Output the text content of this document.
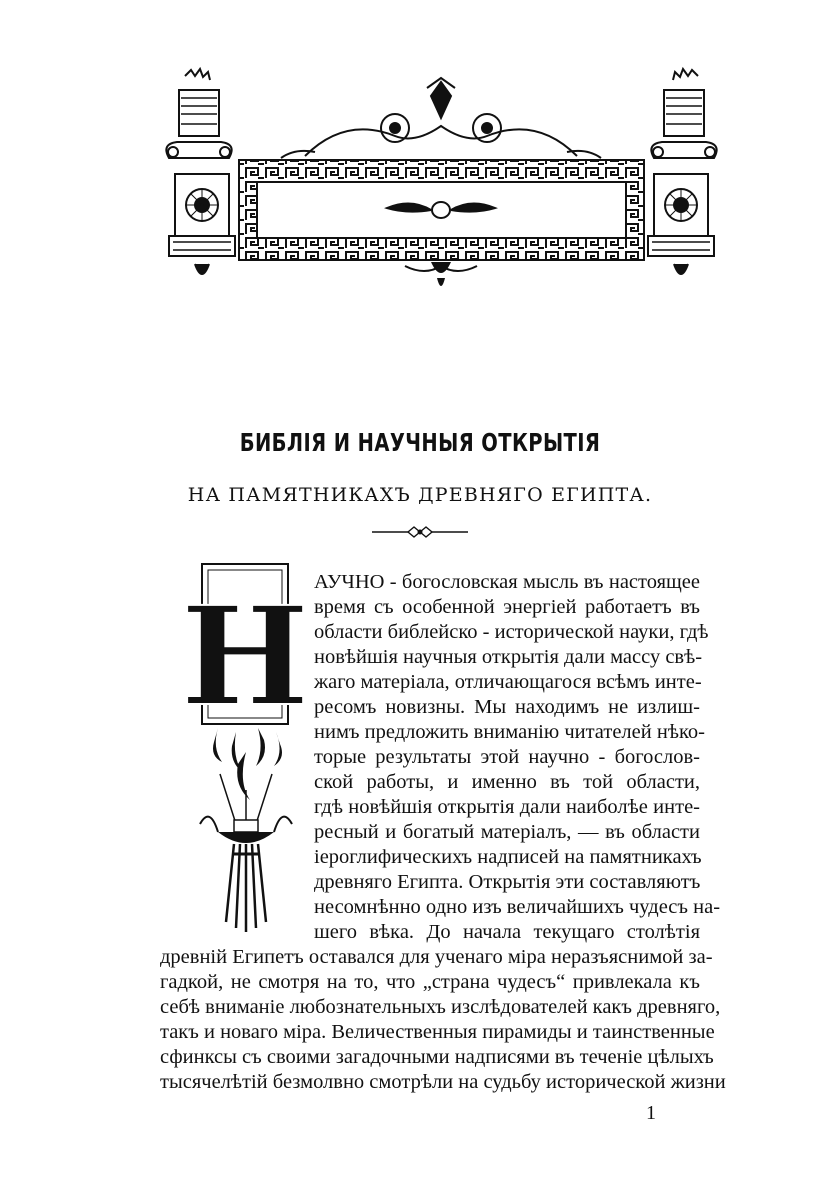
БИБЛІЯ И НАУЧНЫЯ ОТКРЫТІЯ
НА ПАМЯТНИКАХЪ ДРЕВНЯГО ЕГИПТА.
Н АУЧНО - богословская мысль въ настоящее
время съ особенной энергіей работаетъ въ
области библейско - исторической науки, гдѣ
новѣйшія научныя открытія дали массу свѣ-
жаго матеріала, отличающагося всѣмъ инте-
ресомъ новизны. Мы находимъ не излиш-
нимъ предложить вниманію читателей нѣко-
торые результаты этой научно - богослов-
ской работы, и именно въ той области,
гдѣ новѣйшія открытія дали наиболѣе инте-
ресный и богатый матеріалъ, — въ области
іероглифическихъ надписей на памятникахъ
древняго Египта. Открытія эти составляютъ
несомнѣнно одно изъ величайшихъ чудесъ на-
шего вѣка. До начала текущаго столѣтія
древній Египетъ оставался для ученаго міра неразъяснимой за-
гадкой, не смотря на то, что „страна чудесъ“ привлекала къ
себѣ вниманіе любознательныхъ изслѣдователей какъ древняго,
такъ и новаго міра. Величественныя пирамиды и таинственные
сфинксы съ своими загадочными надписями въ теченіе цѣлыхъ
тысячелѣтій безмолвно смотрѣли на судьбу исторической жизни
1
